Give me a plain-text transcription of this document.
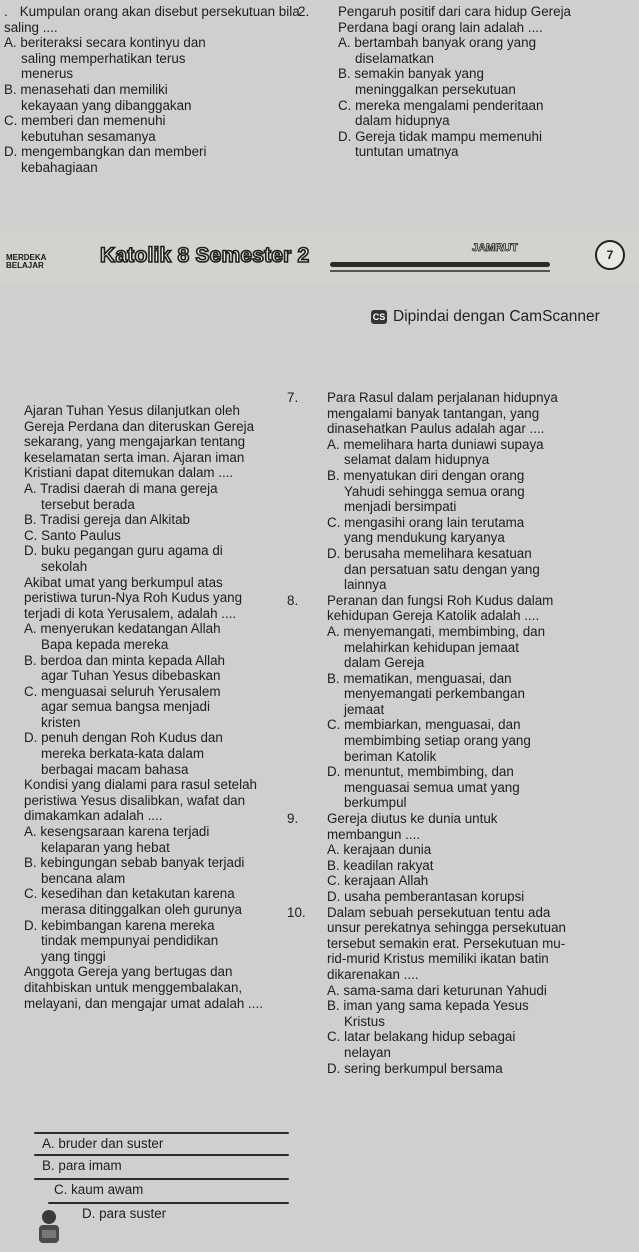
. Kumpulan orang akan disebut persekutuan bila saling ....
A. beriteraksi secara kontinyu dan
saling memperhatikan terus
menerus
B. menasehati dan memiliki
kekayaan yang dibanggakan
C. memberi dan memenuhi
kebutuhan sesamanya
D. mengembangkan dan memberi
kebahagiaan
2. Pengaruh positif dari cara hidup Gereja
Perdana bagi orang lain adalah ....
A. bertambah banyak orang yang
diselamatkan
B. semakin banyak yang
meninggalkan persekutuan
C. mereka mengalami penderitaan
dalam hidupnya
D. Gereja tidak mampu memenuhi
tuntutan umatnya
MERDEKA
BELAJAR	Katolik 8 Semester 2	JAMRUT	7
CS Dipindai dengan CamScanner
Ajaran Tuhan Yesus dilanjutkan oleh
Gereja Perdana dan diteruskan Gereja
sekarang, yang mengajarkan tentang
keselamatan serta iman. Ajaran iman
Kristiani dapat ditemukan dalam ....
A. Tradisi daerah di mana gereja
tersebut berada
B. Tradisi gereja dan Alkitab
C. Santo Paulus
D. buku pegangan guru agama di
sekolah
Akibat umat yang berkumpul atas
peristiwa turun-Nya Roh Kudus yang
terjadi di kota Yerusalem, adalah ....
A. menyerukan kedatangan Allah
Bapa kepada mereka
B. berdoa dan minta kepada Allah
agar Tuhan Yesus dibebaskan
C. menguasai seluruh Yerusalem
agar semua bangsa menjadi
kristen
D. penuh dengan Roh Kudus dan
mereka berkata-kata dalam
berbagai macam bahasa
Kondisi yang dialami para rasul setelah
peristiwa Yesus disalibkan, wafat dan
dimakamkan adalah ....
A. kesengsaraan karena terjadi
kelaparan yang hebat
B. kebingungan sebab banyak terjadi
bencana alam
C. kesedihan dan ketakutan karena
merasa ditinggalkan oleh gurunya
D. kebimbangan karena mereka
tindak mempunyai pendidikan
yang tinggi
Anggota Gereja yang bertugas dan
ditahbiskan untuk menggembalakan,
melayani, dan mengajar umat adalah ....
A. bruder dan suster
B. para imam
C. kaum awam
D. para suster
7. Para Rasul dalam perjalanan hidupnya
mengalami banyak tantangan, yang
dinasehatkan Paulus adalah agar ....
A. memelihara harta duniawi supaya
selamat dalam hidupnya
B. menyatukan diri dengan orang
Yahudi sehingga semua orang
menjadi bersimpati
C. mengasihi orang lain terutama
yang mendukung karyanya
D. berusaha memelihara kesatuan
dan persatuan satu dengan yang
lainnya
8. Peranan dan fungsi Roh Kudus dalam
kehidupan Gereja Katolik adalah ....
A. menyemangati, membimbing, dan
melahirkan kehidupan jemaat
dalam Gereja
B. mematikan, menguasai, dan
menyemangati perkembangan
jemaat
C. membiarkan, menguasai, dan
membimbing setiap orang yang
beriman Katolik
D. menuntut, membimbing, dan
menguasai semua umat yang
berkumpul
9. Gereja diutus ke dunia untuk
membangun ....
A. kerajaan dunia
B. keadilan rakyat
C. kerajaan Allah
D. usaha pemberantasan korupsi
10. Dalam sebuah persekutuan tentu ada
unsur perekatnya sehingga persekutuan
tersebut semakin erat. Persekutuan mu-
rid-murid Kristus memiliki ikatan batin
dikarenakan ....
A. sama-sama dari keturunan Yahudi
B. iman yang sama kepada Yesus
Kristus
C. latar belakang hidup sebagai
nelayan
D. sering berkumpul bersama
